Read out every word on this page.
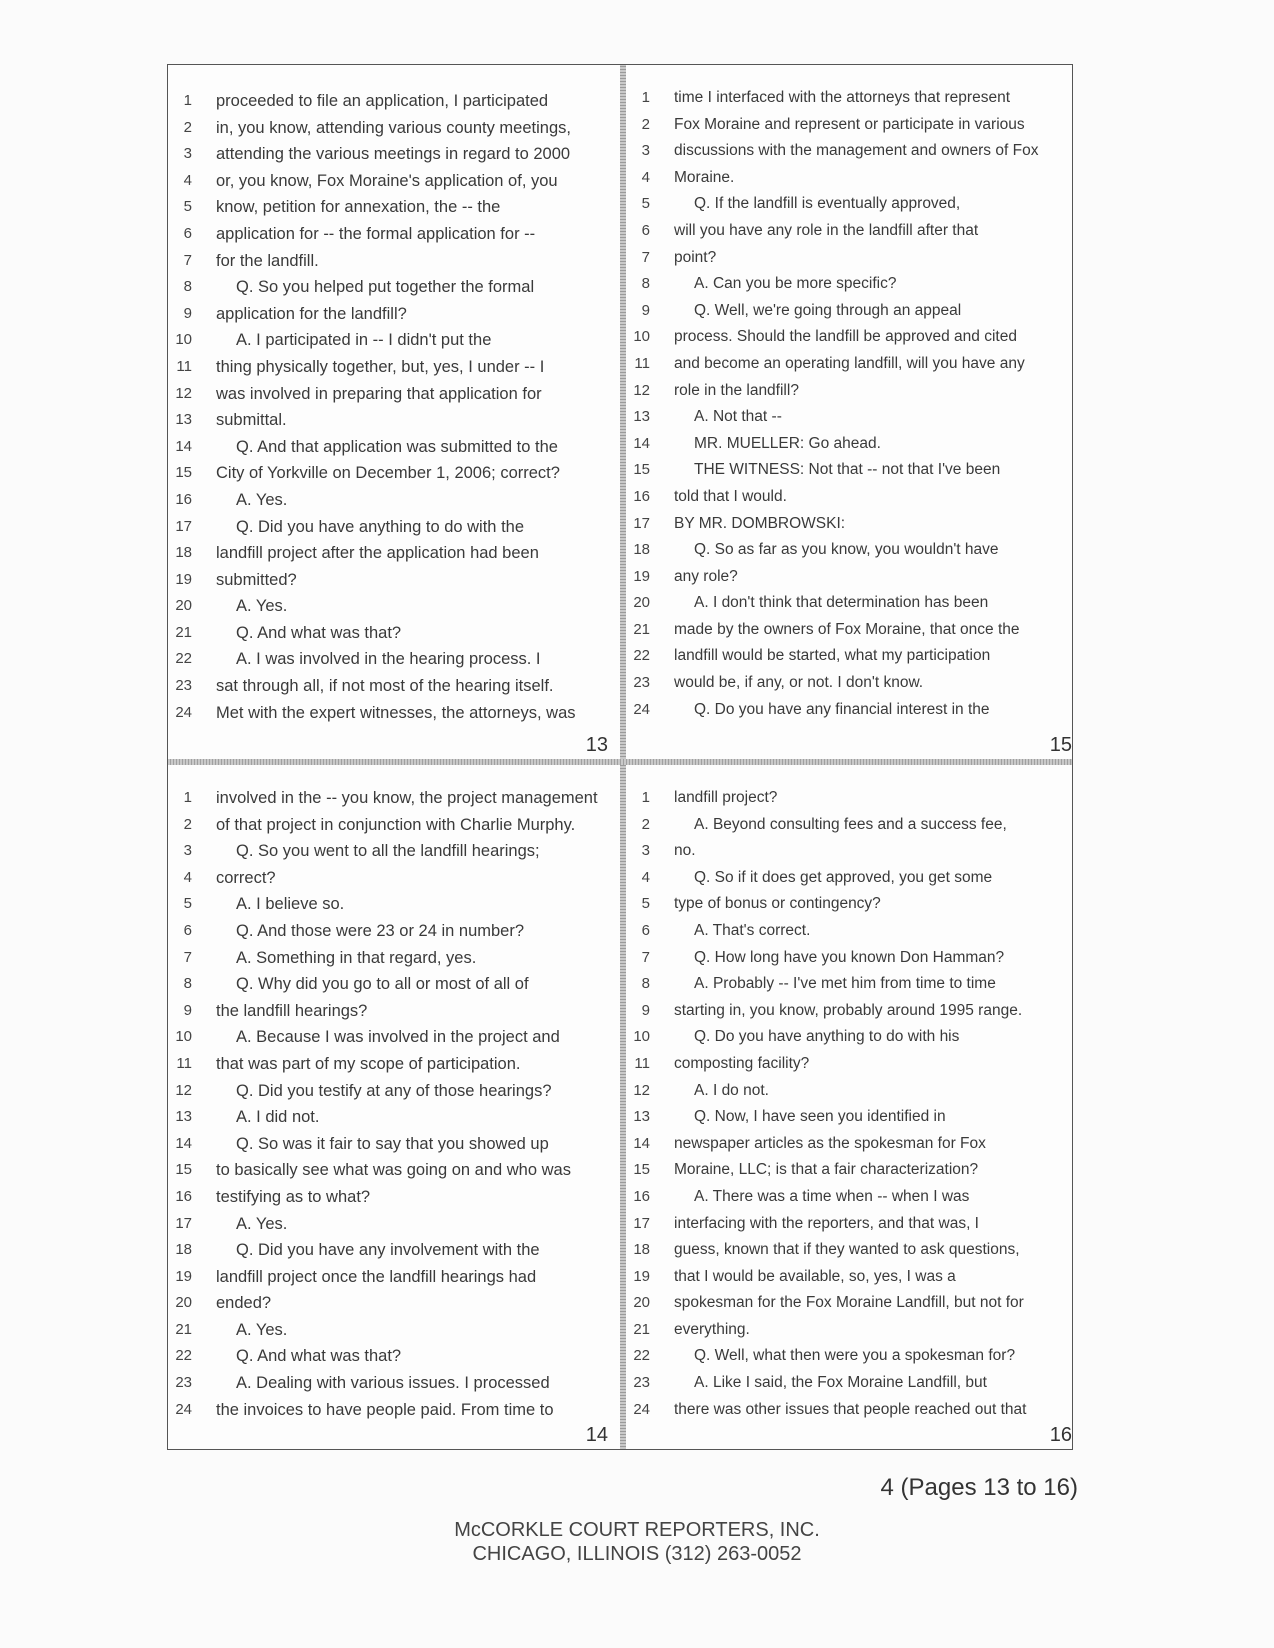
1 proceeded to file an application, I participated
2 in, you know, attending various county meetings,
3 attending the various meetings in regard to 2000
4 or, you know, Fox Moraine's application of, you
5 know, petition for annexation, the -- the
6 application for -- the formal application for --
7 for the landfill.
8	Q. So you helped put together the formal
9 application for the landfill?
10	A. I participated in -- I didn't put the
11 thing physically together, but, yes, I under -- I
12 was involved in preparing that application for
13 submittal.
14	Q. And that application was submitted to the
15 City of Yorkville on December 1, 2006; correct?
16	A. Yes.
17	Q. Did you have anything to do with the
18 landfill project after the application had been
19 submitted?
20	A. Yes.
21	Q. And what was that?
22	A. I was involved in the hearing process. I
23 sat through all, if not most of the hearing itself.
24 Met with the expert witnesses, the attorneys, was
13
1 time I interfaced with the attorneys that represent
2 Fox Moraine and represent or participate in various
3 discussions with the management and owners of Fox
4 Moraine.
5	Q. If the landfill is eventually approved,
6 will you have any role in the landfill after that
7 point?
8	A. Can you be more specific?
9	Q. Well, we're going through an appeal
10 process. Should the landfill be approved and cited
11 and become an operating landfill, will you have any
12 role in the landfill?
13	A. Not that --
14	MR. MUELLER: Go ahead.
15	THE WITNESS: Not that -- not that I've been
16 told that I would.
17 BY MR. DOMBROWSKI:
18	Q. So as far as you know, you wouldn't have
19 any role?
20	A. I don't think that determination has been
21 made by the owners of Fox Moraine, that once the
22 landfill would be started, what my participation
23 would be, if any, or not. I don't know.
24	Q. Do you have any financial interest in the
15
1 involved in the -- you know, the project management
2 of that project in conjunction with Charlie Murphy.
3	Q. So you went to all the landfill hearings;
4 correct?
5	A. I believe so.
6	Q. And those were 23 or 24 in number?
7	A. Something in that regard, yes.
8	Q. Why did you go to all or most of all of
9 the landfill hearings?
10	A. Because I was involved in the project and
11 that was part of my scope of participation.
12	Q. Did you testify at any of those hearings?
13	A. I did not.
14	Q. So was it fair to say that you showed up
15 to basically see what was going on and who was
16 testifying as to what?
17	A. Yes.
18	Q. Did you have any involvement with the
19 landfill project once the landfill hearings had
20 ended?
21	A. Yes.
22	Q. And what was that?
23	A. Dealing with various issues. I processed
24 the invoices to have people paid. From time to
14
1 landfill project?
2	A. Beyond consulting fees and a success fee,
3 no.
4	Q. So if it does get approved, you get some
5 type of bonus or contingency?
6	A. That's correct.
7	Q. How long have you known Don Hamman?
8	A. Probably -- I've met him from time to time
9 starting in, you know, probably around 1995 range.
10	Q. Do you have anything to do with his
11 composting facility?
12	A. I do not.
13	Q. Now, I have seen you identified in
14 newspaper articles as the spokesman for Fox
15 Moraine, LLC; is that a fair characterization?
16	A. There was a time when -- when I was
17 interfacing with the reporters, and that was, I
18 guess, known that if they wanted to ask questions,
19 that I would be available, so, yes, I was a
20 spokesman for the Fox Moraine Landfill, but not for
21 everything.
22	Q. Well, what then were you a spokesman for?
23	A. Like I said, the Fox Moraine Landfill, but
24 there was other issues that people reached out that
16
4 (Pages 13 to 16)
McCORKLE COURT REPORTERS, INC.
CHICAGO, ILLINOIS (312) 263-0052
